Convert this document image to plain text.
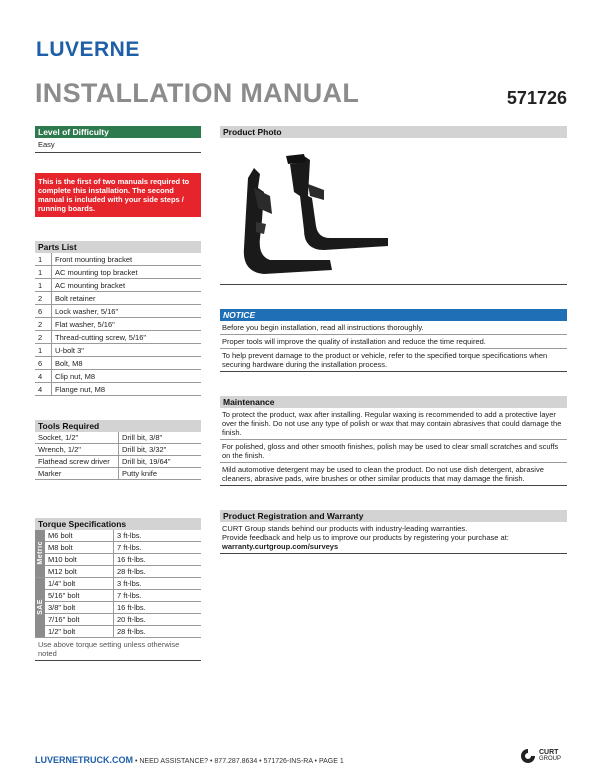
LUVERNE
INSTALLATION MANUAL	571726
Level of Difficulty
Easy
This is the first of two manuals required to complete this installation. The second manual is included with your side steps / running boards.
Parts List
1	Front mounting bracket
1	AC mounting top bracket
1	AC mounting bracket
2	Bolt retainer
6	Lock washer, 5/16"
2	Flat washer, 5/16"
2	Thread-cutting screw, 5/16"
1	U-bolt 3"
6	Bolt, M8
4	Clip nut, M8
4	Flange nut, M8
Tools Required
Socket, 1/2"	Drill bit, 3/8"
Wrench, 1/2"	Drill bit, 3/32"
Flathead screw driver	Drill bit, 19/64"
Marker	Putty knife
Torque Specifications
Metric	M6 bolt	3 ft-lbs.
	M8 bolt	7 ft-lbs.
	M10 bolt	16 ft-lbs.
	M12 bolt	28 ft-lbs.
SAE	1/4" bolt	3 ft-lbs.
	5/16" bolt	7 ft-lbs.
	3/8" bolt	16 ft-lbs.
	7/16" bolt	20 ft-lbs.
	1/2" bolt	28 ft-lbs.
Use above torque setting unless otherwise noted
Product Photo
NOTICE
Before you begin installation, read all instructions thoroughly.
Proper tools will improve the quality of installation and reduce the time required.
To help prevent damage to the product or vehicle, refer to the specified torque specifications when securing hardware during the installation process.
Maintenance
To protect the product, wax after installing. Regular waxing is recommended to add a protective layer over the finish. Do not use any type of polish or wax that may contain abrasives that could damage the finish.
For polished, gloss and other smooth finishes, polish may be used to clear small scratches and scuffs on the finish.
Mild automotive detergent may be used to clean the product. Do not use dish detergent, abrasive cleaners, abrasive pads, wire brushes or other similar products that may damage the finish.
Product Registration and Warranty
CURT Group stands behind our products with industry-leading warranties.
Provide feedback and help us to improve our products by registering your purchase at:
warranty.curtgroup.com/surveys
LUVERNETRUCK.COM • NEED ASSISTANCE? • 877.287.8634 • 571726-INS-RA • PAGE 1
CURT
GROUP
